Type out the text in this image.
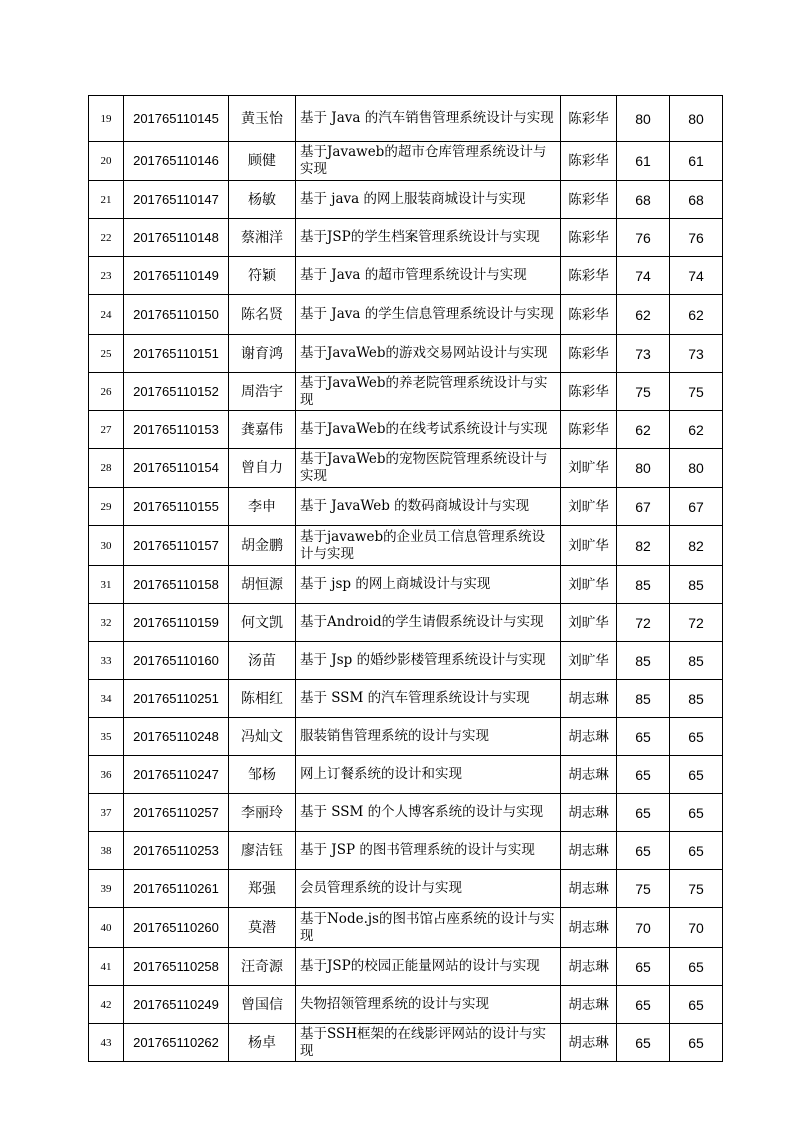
19	201765110145	黄玉怡	基于 Java 的汽车销售管理系统设计与实现	陈彩华	80	80
20	201765110146	顾健	基于Javaweb的超市仓库管理系统设计与实现	陈彩华	61	61
21	201765110147	杨敏	基于 java 的网上服装商城设计与实现	陈彩华	68	68
22	201765110148	蔡湘洋	基于JSP的学生档案管理系统设计与实现	陈彩华	76	76
23	201765110149	符颖	基于 Java 的超市管理系统设计与实现	陈彩华	74	74
24	201765110150	陈名贤	基于 Java 的学生信息管理系统设计与实现	陈彩华	62	62
25	201765110151	谢育鸿	基于JavaWeb的游戏交易网站设计与实现	陈彩华	73	73
26	201765110152	周浩宇	基于JavaWeb的养老院管理系统设计与实现	陈彩华	75	75
27	201765110153	龚嘉伟	基于JavaWeb的在线考试系统设计与实现	陈彩华	62	62
28	201765110154	曾自力	基于JavaWeb的宠物医院管理系统设计与实现	刘旷华	80	80
29	201765110155	李申	基于 JavaWeb 的数码商城设计与实现	刘旷华	67	67
30	201765110157	胡金鹏	基于javaweb的企业员工信息管理系统设计与实现	刘旷华	82	82
31	201765110158	胡恒源	基于 jsp 的网上商城设计与实现	刘旷华	85	85
32	201765110159	何文凯	基于Android的学生请假系统设计与实现	刘旷华	72	72
33	201765110160	汤苗	基于 Jsp 的婚纱影楼管理系统设计与实现	刘旷华	85	85
34	201765110251	陈相红	基于 SSM 的汽车管理系统设计与实现	胡志琳	85	85
35	201765110248	冯灿文	服装销售管理系统的设计与实现	胡志琳	65	65
36	201765110247	邹杨	网上订餐系统的设计和实现	胡志琳	65	65
37	201765110257	李丽玲	基于 SSM 的个人博客系统的设计与实现	胡志琳	65	65
38	201765110253	廖洁钰	基于 JSP 的图书管理系统的设计与实现	胡志琳	65	65
39	201765110261	郑强	会员管理系统的设计与实现	胡志琳	75	75
40	201765110260	莫潜	基于Node.js的图书馆占座系统的设计与实现	胡志琳	70	70
41	201765110258	汪奇源	基于JSP的校园正能量网站的设计与实现	胡志琳	65	65
42	201765110249	曾国信	失物招领管理系统的设计与实现	胡志琳	65	65
43	201765110262	杨卓	基于SSH框架的在线影评网站的设计与实现	胡志琳	65	65
